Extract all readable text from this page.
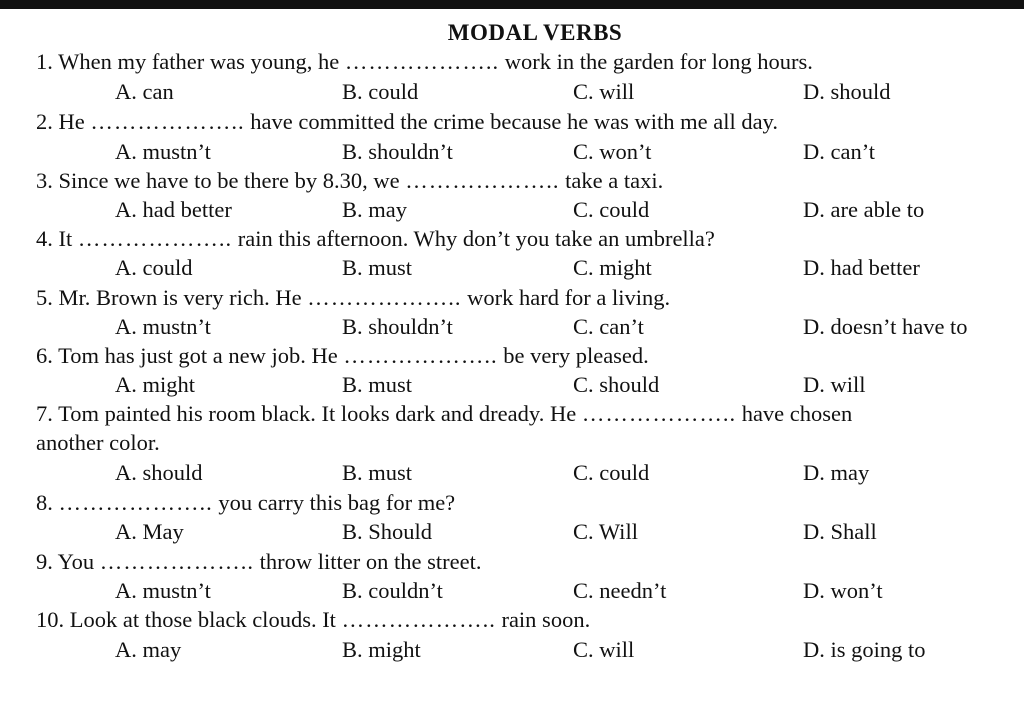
MODAL VERBS
1. When my father was young, he ……………….. work in the garden for long hours.
A. can	B. could	C. will	D. should
2. He ……………….. have committed the crime because he was with me all day.
A. mustn’t	B. shouldn’t	C. won’t	D. can’t
3. Since we have to be there by 8.30, we ……………….. take a taxi.
A. had better	B. may	C. could	D. are able to
4. It ……………….. rain this afternoon. Why don’t you take an umbrella?
A. could	B. must	C. might	D. had better
5. Mr. Brown is very rich. He ……………….. work hard for a living.
A. mustn’t	B. shouldn’t	C. can’t	D. doesn’t have to
6. Tom has just got a new job. He ……………….. be very pleased.
A. might	B. must	C. should	D. will
7. Tom painted his room black. It looks dark and dready. He ……………….. have chosen
another color.
A. should	B. must	C. could	D. may
8. ……………….. you carry this bag for me?
A. May	B. Should	C. Will	D. Shall
9. You ……………….. throw litter on the street.
A. mustn’t	B. couldn’t	C. needn’t	D. won’t
10. Look at those black clouds. It ……………….. rain soon.
A. may	B. might	C. will	D. is going to
